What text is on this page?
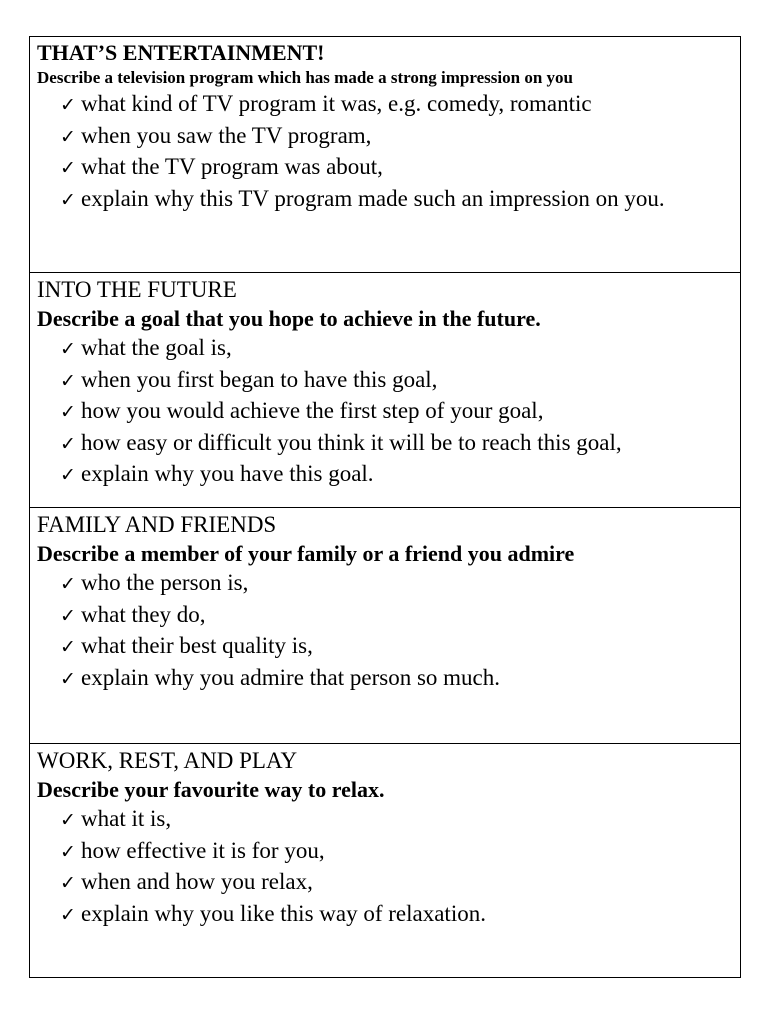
THAT’S ENTERTAINMENT!

Describe a television program which has made a strong impression on you

✓ what kind of TV program it was, e.g. comedy, romantic
✓ when you saw the TV program,
✓ what the TV program was about,
✓ explain why this TV program made such an impression on you.
INTO THE FUTURE

Describe a goal that you hope to achieve in the future.

✓ what the goal is,
✓ when you first began to have this goal,
✓ how you would achieve the first step of your goal,
✓ how easy or difficult you think it will be to reach this goal,
✓ explain why you have this goal.
FAMILY AND FRIENDS

Describe a member of your family or a friend you admire

✓ who the person is,
✓ what they do,
✓ what their best quality is,
✓ explain why you admire that person so much.
WORK, REST, AND PLAY

Describe your favourite way to relax.

✓ what it is,
✓ how effective it is for you,
✓ when and how you relax,
✓ explain why you like this way of relaxation.
